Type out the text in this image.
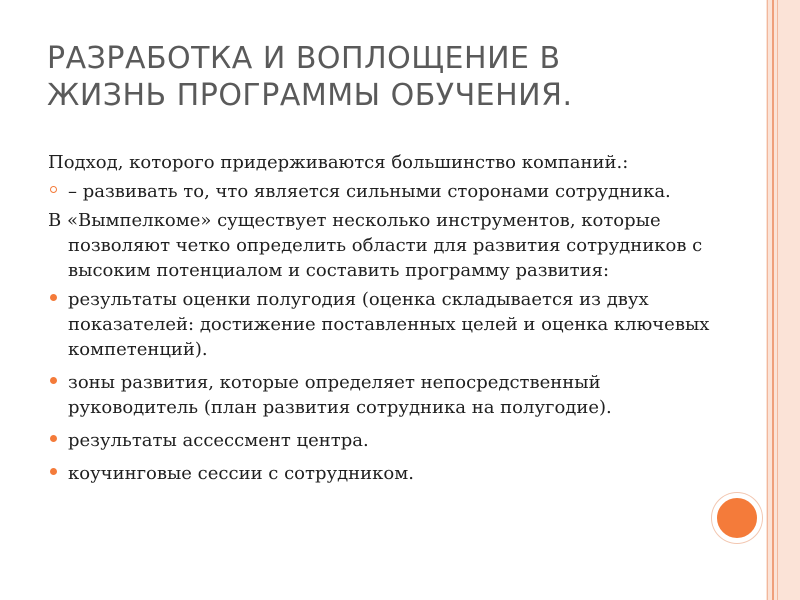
РАЗРАБОТКА И ВОПЛОЩЕНИЕ В
ЖИЗНЬ ПРОГРАММЫ ОБУЧЕНИЯ.

Подход, которого придерживаются большинство компаний.:

– развивать то, что является сильными сторонами сотрудника.

В «Вымпелкоме» существует несколько инструментов, которые позволяют четко определить области для развития сотрудников с высоким потенциалом и составить программу развития:

результаты оценки полугодия (оценка складывается из двух показателей: достижение поставленных целей и оценка ключевых компетенций).
зоны развития, которые определяет непосредственный руководитель (план развития сотрудника на полугодие).
результаты ассессмент центра.
коучинговые сессии с сотрудником.
